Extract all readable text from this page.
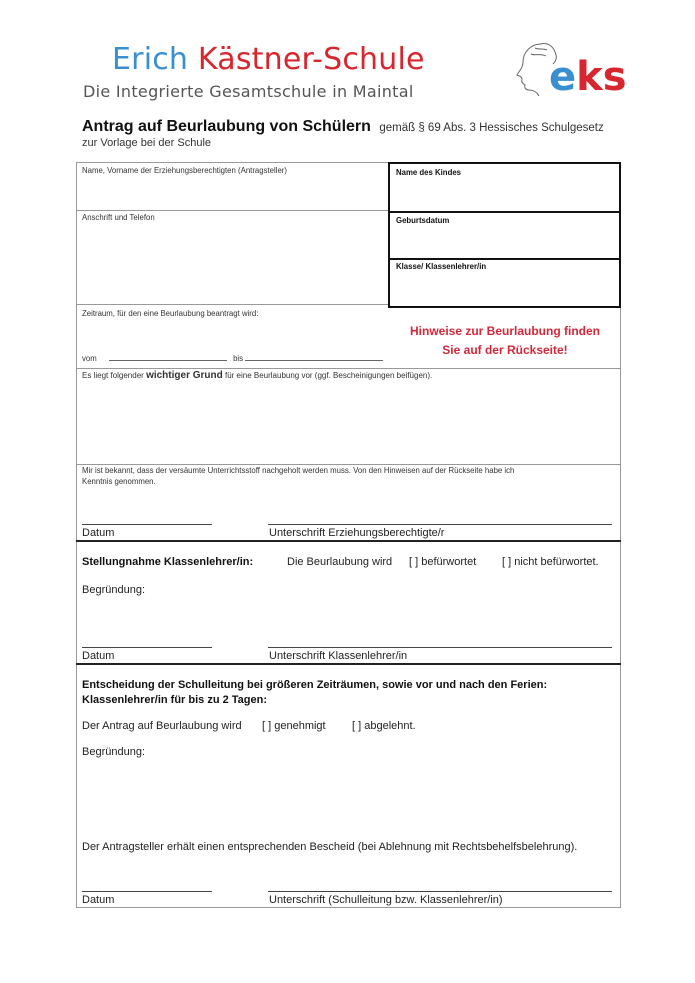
Erich Kästner-Schule
Die Integrierte Gesamtschule in Maintal	eks
Antrag auf Beurlaubung von Schülern gemäß § 69 Abs. 3 Hessisches Schulgesetz
zur Vorlage bei der Schule
Name, Vorname der Erziehungsberechtigten (Antragsteller)
Anschrift und Telefon
Zeitraum, für den eine Beurlaubung beantragt wird:
vom	bis
Name des Kindes
Geburtsdatum
Klasse/ Klassenlehrer/in
Hinweise zur Beurlaubung finden
Sie auf der Rückseite!
Es liegt folgender wichtiger Grund für eine Beurlaubung vor (ggf. Bescheinigungen beifügen).
Mir ist bekannt, dass der versäumte Unterrichtsstoff nachgeholt werden muss. Von den Hinweisen auf der Rückseite habe ich
Kenntnis genommen.
Datum	Unterschrift Erziehungsberechtigte/r
Stellungnahme Klassenlehrer/in:	Die Beurlaubung wird [ ] befürwortet [ ] nicht befürwortet.
Begründung:
Datum	Unterschrift Klassenlehrer/in
Entscheidung der Schulleitung bei größeren Zeiträumen, sowie vor und nach den Ferien:
Klassenlehrer/in für bis zu 2 Tagen:
Der Antrag auf Beurlaubung wird [ ] genehmigt [ ] abgelehnt.
Begründung:
Der Antragsteller erhält einen entsprechenden Bescheid (bei Ablehnung mit Rechtsbehelfsbelehrung).
Datum	Unterschrift (Schulleitung bzw. Klassenlehrer/in)
